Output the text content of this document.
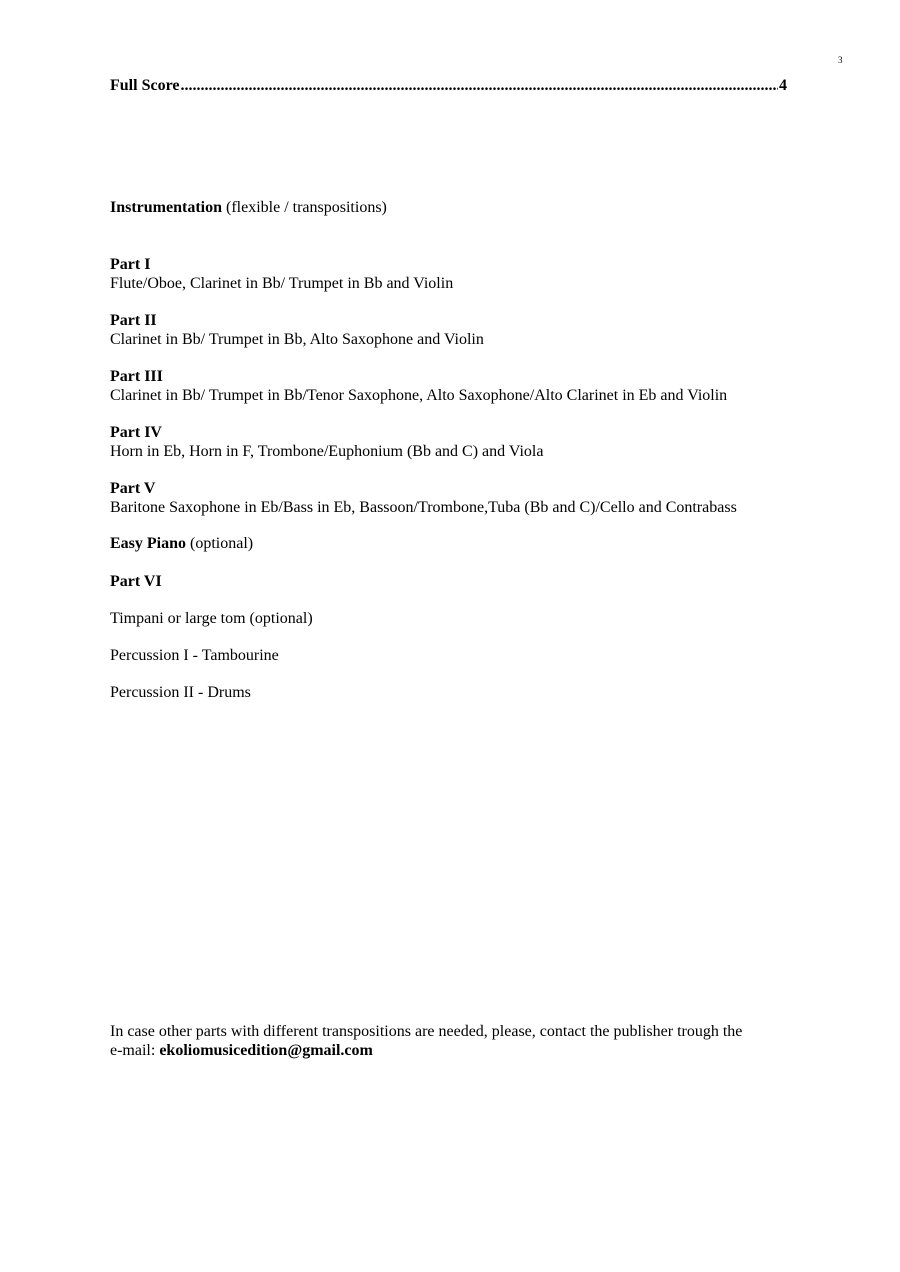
3
Full Score
.....	4
Instrumentation (flexible / transpositions)
Part I
Flute/Oboe, Clarinet in Bb/ Trumpet in Bb and Violin
Part II
Clarinet in Bb/ Trumpet in Bb, Alto Saxophone and Violin
Part III
Clarinet in Bb/ Trumpet in Bb/Tenor Saxophone, Alto Saxophone/Alto Clarinet in Eb and Violin
Part IV
Horn in Eb, Horn in F, Trombone/Euphonium (Bb and C) and Viola
Part V
Baritone Saxophone in Eb/Bass in Eb, Bassoon/Trombone,Tuba (Bb and C)/Cello and Contrabass
Easy Piano (optional)
Part VI
Timpani or large tom (optional)
Percussion I - Tambourine
Percussion II - Drums
In case other parts with different transpositions are needed, please, contact the publisher trough the
e-mail: ekoliomusicedition@gmail.com
